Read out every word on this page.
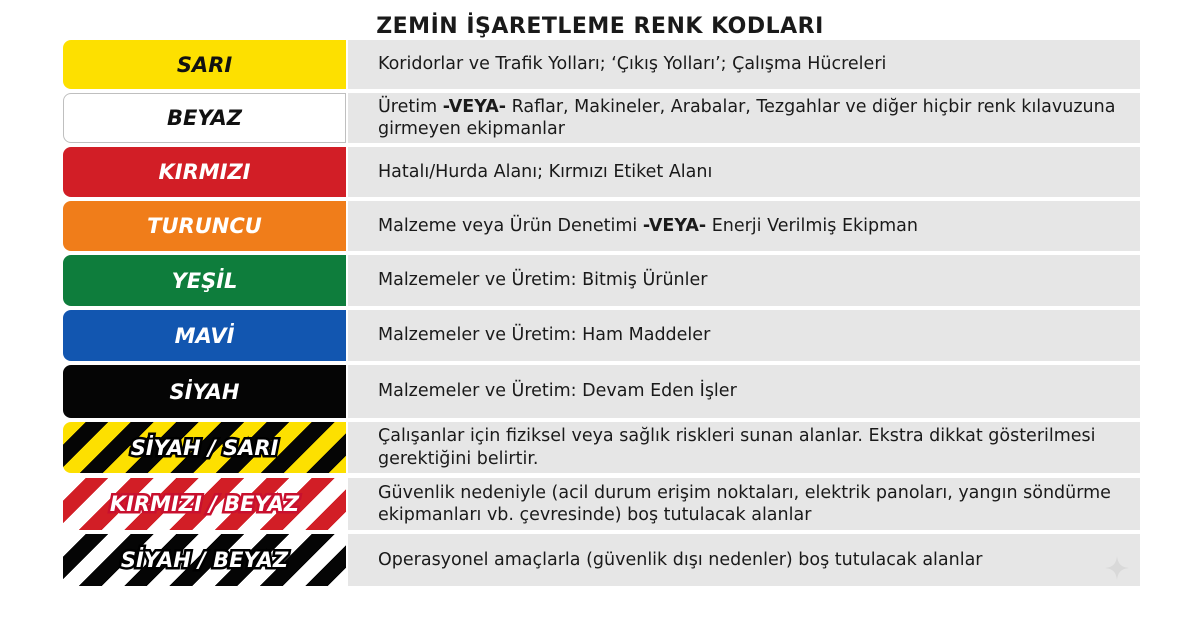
ZEMİN İŞARETLEME RENK KODLARI
SARI	Koridorlar ve Trafik Yolları; ‘Çıkış Yolları’; Çalışma Hücreleri
BEYAZ	Üretim -VEYA- Raflar, Makineler, Arabalar, Tezgahlar ve diğer hiçbir renk kılavuzuna girmeyen ekipmanlar
KIRMIZI	Hatalı/Hurda Alanı; Kırmızı Etiket Alanı
TURUNCU	Malzeme veya Ürün Denetimi -VEYA- Enerji Verilmiş Ekipman
YEŞİL	Malzemeler ve Üretim: Bitmiş Ürünler
MAVİ	Malzemeler ve Üretim: Ham Maddeler
SİYAH	Malzemeler ve Üretim: Devam Eden İşler
SİYAH / SARI	Çalışanlar için fiziksel veya sağlık riskleri sunan alanlar. Ekstra dikkat gösterilmesi gerektiğini belirtir.
KIRMIZI / BEYAZ	Güvenlik nedeniyle (acil durum erişim noktaları, elektrik panoları, yangın söndürme ekipmanları vb. çevresinde) boş tutulacak alanlar
SİYAH / BEYAZ	Operasyonel amaçlarla (güvenlik dışı nedenler) boş tutulacak alanlar
